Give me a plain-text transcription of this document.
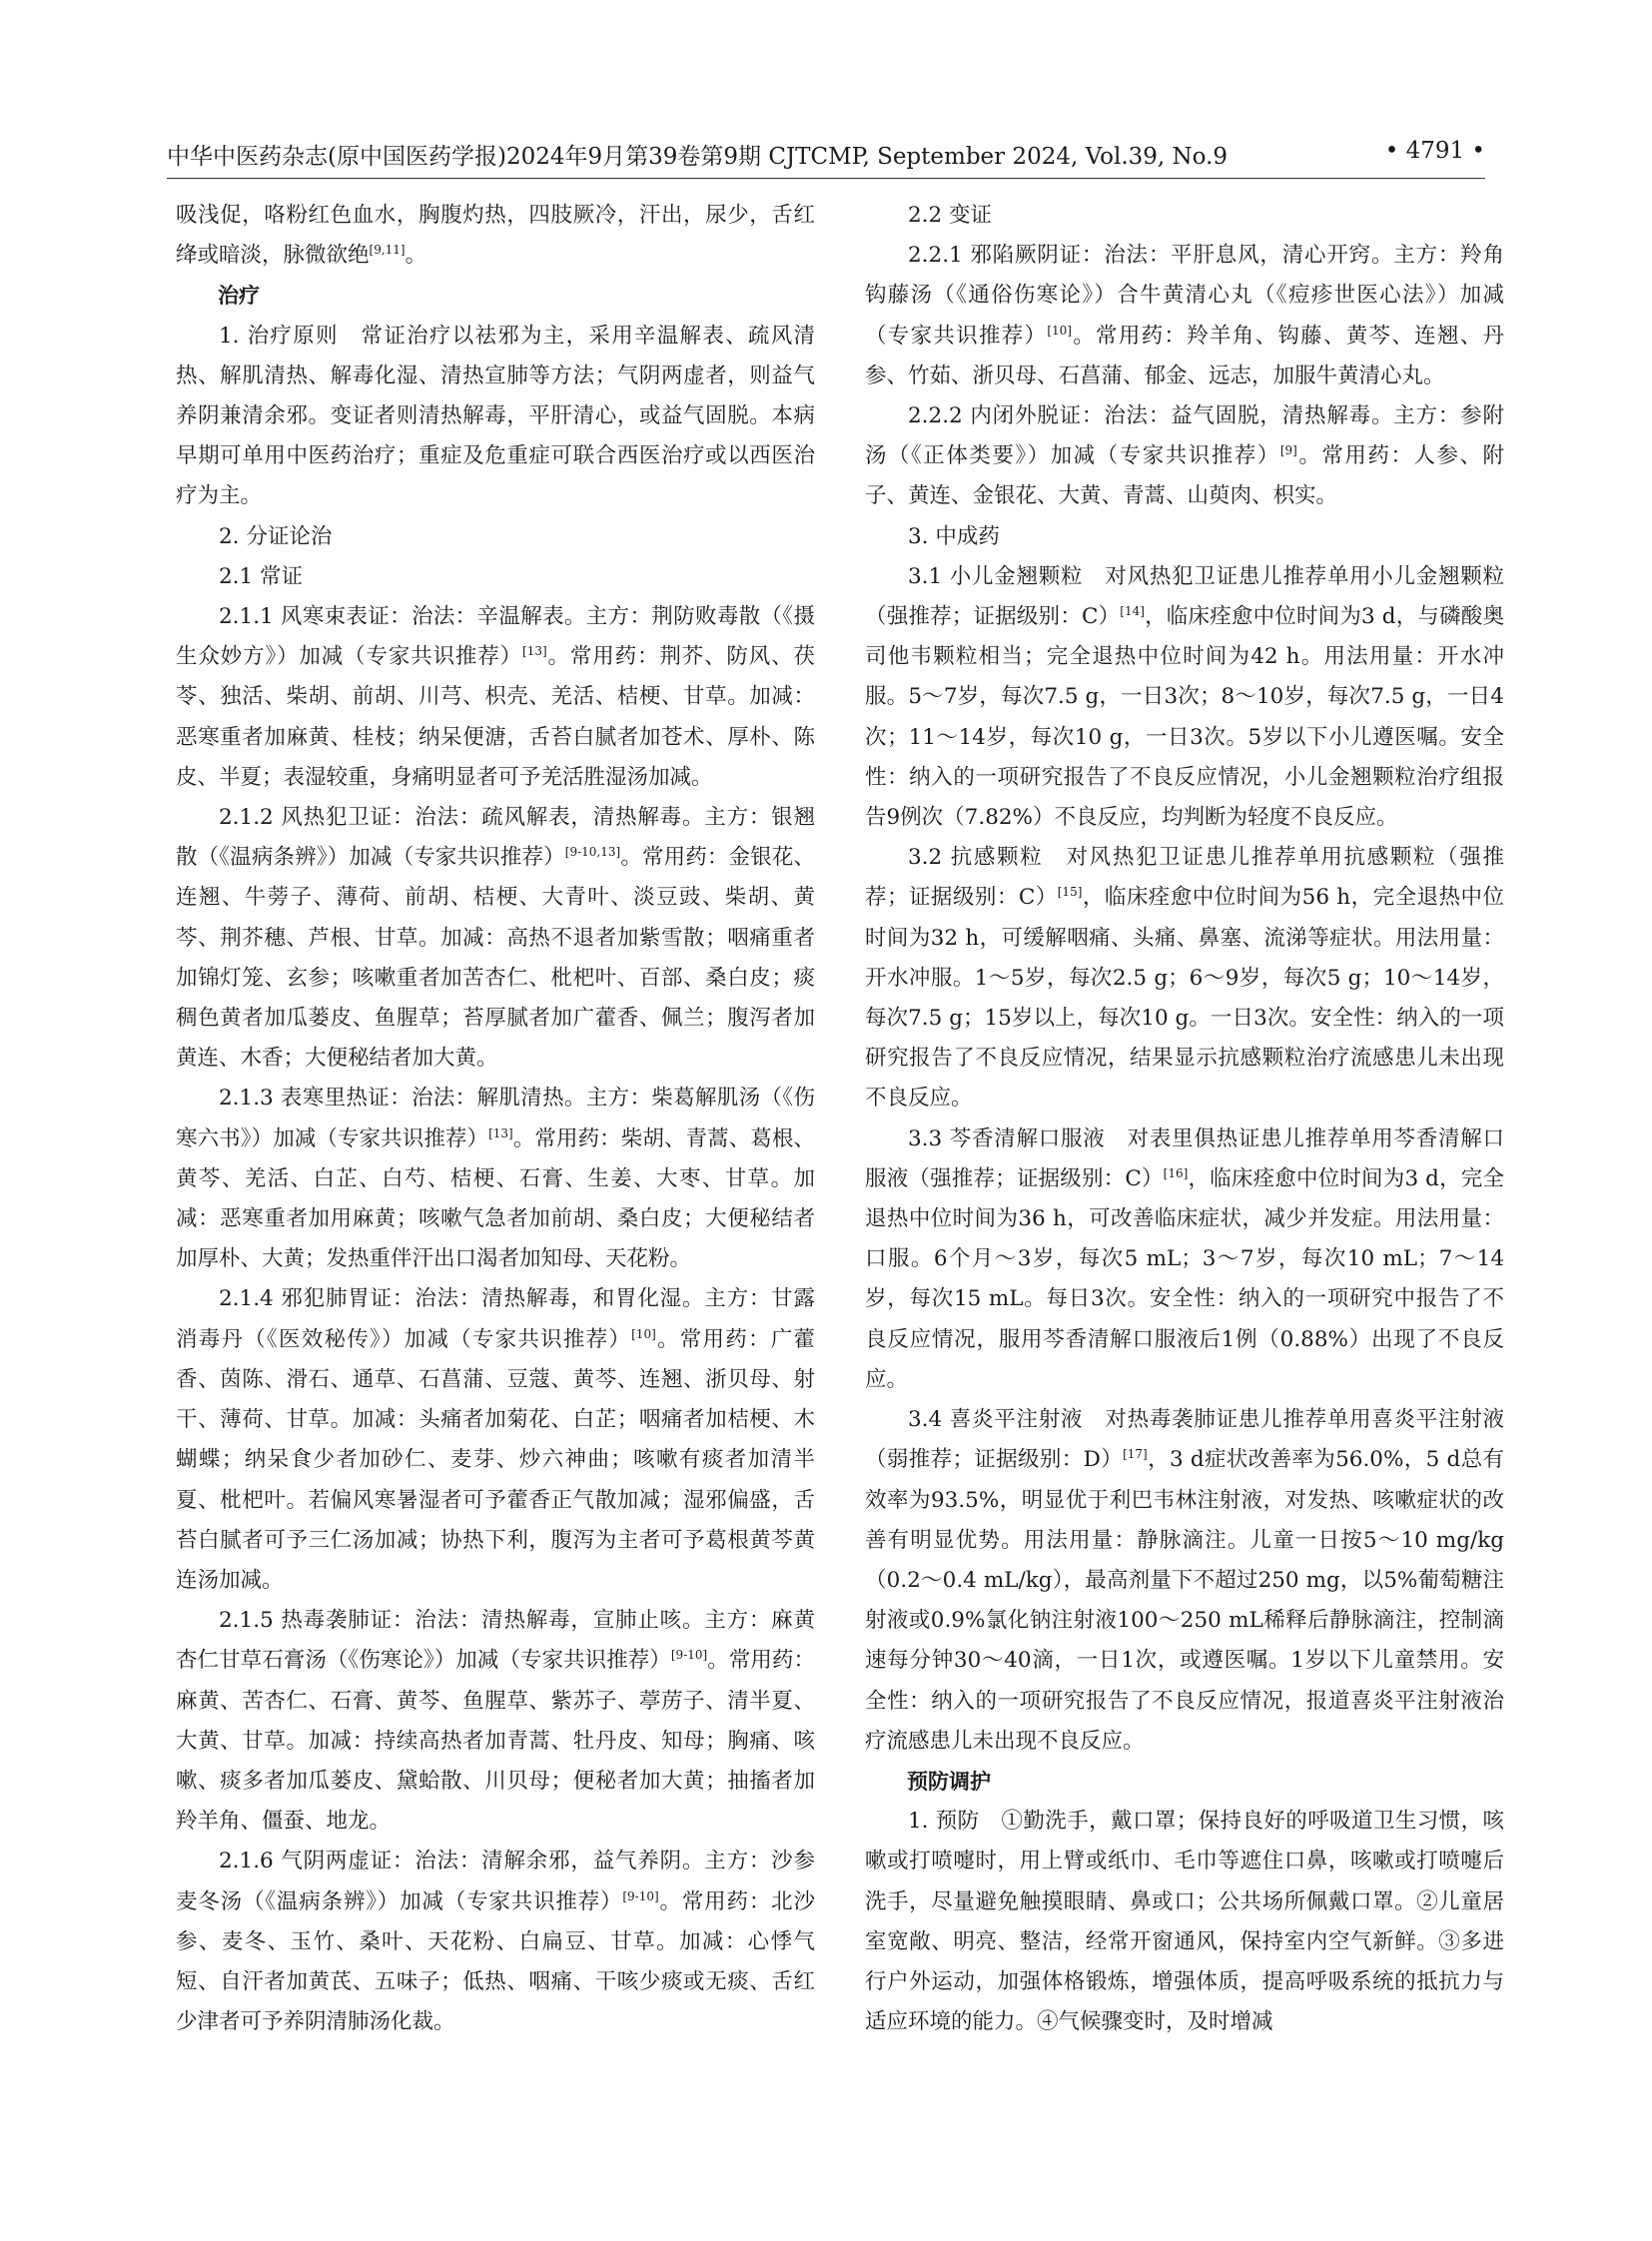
中华中医药杂志(原中国医药学报)2024年9月第39卷第9期 CJTCMP, September 2024, Vol.39, No.9	• 4791 •

吸浅促，咯粉红色血水，胸腹灼热，四肢厥冷，汗出，尿少，舌红绛或暗淡，脉微欲绝[9,11]。

治疗

1. 治疗原则　常证治疗以祛邪为主，采用辛温解表、疏风清热、解肌清热、解毒化湿、清热宣肺等方法；气阴两虚者，则益气养阴兼清余邪。变证者则清热解毒，平肝清心，或益气固脱。本病早期可单用中医药治疗；重症及危重症可联合西医治疗或以西医治疗为主。

2. 分证论治

2.1 常证

2.1.1 风寒束表证：治法：辛温解表。主方：荆防败毒散（《摄生众妙方》）加减（专家共识推荐）[13]。常用药：荆芥、防风、茯苓、独活、柴胡、前胡、川芎、枳壳、羌活、桔梗、甘草。加减：恶寒重者加麻黄、桂枝；纳呆便溏，舌苔白腻者加苍术、厚朴、陈皮、半夏；表湿较重，身痛明显者可予羌活胜湿汤加减。

2.1.2 风热犯卫证：治法：疏风解表，清热解毒。主方：银翘散（《温病条辨》）加减（专家共识推荐）[9-10,13]。常用药：金银花、连翘、牛蒡子、薄荷、前胡、桔梗、大青叶、淡豆豉、柴胡、黄芩、荆芥穗、芦根、甘草。加减：高热不退者加紫雪散；咽痛重者加锦灯笼、玄参；咳嗽重者加苦杏仁、枇杷叶、百部、桑白皮；痰稠色黄者加瓜蒌皮、鱼腥草；苔厚腻者加广藿香、佩兰；腹泻者加黄连、木香；大便秘结者加大黄。

2.1.3 表寒里热证：治法：解肌清热。主方：柴葛解肌汤（《伤寒六书》）加减（专家共识推荐）[13]。常用药：柴胡、青蒿、葛根、黄芩、羌活、白芷、白芍、桔梗、石膏、生姜、大枣、甘草。加减：恶寒重者加用麻黄；咳嗽气急者加前胡、桑白皮；大便秘结者加厚朴、大黄；发热重伴汗出口渴者加知母、天花粉。

2.1.4 邪犯肺胃证：治法：清热解毒，和胃化湿。主方：甘露消毒丹（《医效秘传》）加减（专家共识推荐）[10]。常用药：广藿香、茵陈、滑石、通草、石菖蒲、豆蔻、黄芩、连翘、浙贝母、射干、薄荷、甘草。加减：头痛者加菊花、白芷；咽痛者加桔梗、木蝴蝶；纳呆食少者加砂仁、麦芽、炒六神曲；咳嗽有痰者加清半夏、枇杷叶。若偏风寒暑湿者可予藿香正气散加减；湿邪偏盛，舌苔白腻者可予三仁汤加减；协热下利，腹泻为主者可予葛根黄芩黄连汤加减。

2.1.5 热毒袭肺证：治法：清热解毒，宣肺止咳。主方：麻黄杏仁甘草石膏汤（《伤寒论》）加减（专家共识推荐）[9-10]。常用药：麻黄、苦杏仁、石膏、黄芩、鱼腥草、紫苏子、葶苈子、清半夏、大黄、甘草。加减：持续高热者加青蒿、牡丹皮、知母；胸痛、咳嗽、痰多者加瓜蒌皮、黛蛤散、川贝母；便秘者加大黄；抽搐者加羚羊角、僵蚕、地龙。

2.1.6 气阴两虚证：治法：清解余邪，益气养阴。主方：沙参麦冬汤（《温病条辨》）加减（专家共识推荐）[9-10]。常用药：北沙参、麦冬、玉竹、桑叶、天花粉、白扁豆、甘草。加减：心悸气短、自汗者加黄芪、五味子；低热、咽痛、干咳少痰或无痰、舌红少津者可予养阴清肺汤化裁。

2.2 变证

2.2.1 邪陷厥阴证：治法：平肝息风，清心开窍。主方：羚角钩藤汤（《通俗伤寒论》）合牛黄清心丸（《痘疹世医心法》）加减（专家共识推荐）[10]。常用药：羚羊角、钩藤、黄芩、连翘、丹参、竹茹、浙贝母、石菖蒲、郁金、远志，加服牛黄清心丸。

2.2.2 内闭外脱证：治法：益气固脱，清热解毒。主方：参附汤（《正体类要》）加减（专家共识推荐）[9]。常用药：人参、附子、黄连、金银花、大黄、青蒿、山萸肉、枳实。

3. 中成药

3.1 小儿金翘颗粒　对风热犯卫证患儿推荐单用小儿金翘颗粒（强推荐；证据级别：C）[14]，临床痊愈中位时间为3 d，与磷酸奥司他韦颗粒相当；完全退热中位时间为42 h。用法用量：开水冲服。5～7岁，每次7.5 g，一日3次；8～10岁，每次7.5 g，一日4次；11～14岁，每次10 g，一日3次。5岁以下小儿遵医嘱。安全性：纳入的一项研究报告了不良反应情况，小儿金翘颗粒治疗组报告9例次（7.82%）不良反应，均判断为轻度不良反应。

3.2 抗感颗粒　对风热犯卫证患儿推荐单用抗感颗粒（强推荐；证据级别：C）[15]，临床痊愈中位时间为56 h，完全退热中位时间为32 h，可缓解咽痛、头痛、鼻塞、流涕等症状。用法用量：开水冲服。1～5岁，每次2.5 g；6～9岁，每次5 g；10～14岁，每次7.5 g；15岁以上，每次10 g。一日3次。安全性：纳入的一项研究报告了不良反应情况，结果显示抗感颗粒治疗流感患儿未出现不良反应。

3.3 芩香清解口服液　对表里俱热证患儿推荐单用芩香清解口服液（强推荐；证据级别：C）[16]，临床痊愈中位时间为3 d，完全退热中位时间为36 h，可改善临床症状，减少并发症。用法用量：口服。6个月～3岁，每次5 mL；3～7岁，每次10 mL；7～14岁，每次15 mL。每日3次。安全性：纳入的一项研究中报告了不良反应情况，服用芩香清解口服液后1例（0.88%）出现了不良反应。

3.4 喜炎平注射液　对热毒袭肺证患儿推荐单用喜炎平注射液（弱推荐；证据级别：D）[17]，3 d症状改善率为56.0%，5 d总有效率为93.5%，明显优于利巴韦林注射液，对发热、咳嗽症状的改善有明显优势。用法用量：静脉滴注。儿童一日按5～10 mg/kg（0.2～0.4 mL/kg），最高剂量下不超过250 mg，以5%葡萄糖注射液或0.9%氯化钠注射液100～250 mL稀释后静脉滴注，控制滴速每分钟30～40滴，一日1次，或遵医嘱。1岁以下儿童禁用。安全性：纳入的一项研究报告了不良反应情况，报道喜炎平注射液治疗流感患儿未出现不良反应。

预防调护

1. 预防　①勤洗手，戴口罩；保持良好的呼吸道卫生习惯，咳嗽或打喷嚏时，用上臂或纸巾、毛巾等遮住口鼻，咳嗽或打喷嚏后洗手，尽量避免触摸眼睛、鼻或口；公共场所佩戴口罩。②儿童居室宽敞、明亮、整洁，经常开窗通风，保持室内空气新鲜。③多进行户外运动，加强体格锻炼，增强体质，提高呼吸系统的抵抗力与适应环境的能力。④气候骤变时，及时增减
